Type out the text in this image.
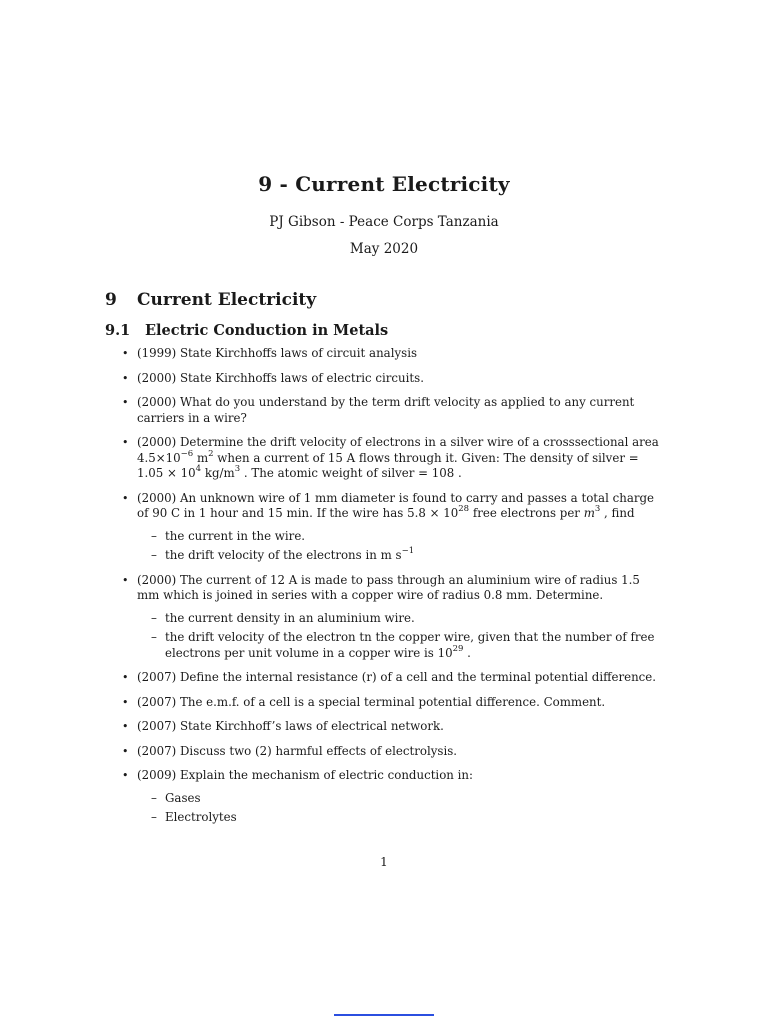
9 - Current Electricity
PJ Gibson - Peace Corps Tanzania
May 2020
9 Current Electricity
9.1 Electric Conduction in Metals
• (1999) State Kirchhoffs laws of circuit analysis
• (2000) State Kirchhoffs laws of electric circuits.
• (2000) What do you understand by the term drift velocity as applied to any current carriers in a wire?
• (2000) Determine the drift velocity of electrons in a silver wire of a crosssectional area $4.5\times 10^{-6}$ $m^2$ when a current of 15 A flows through it. Given: The density of silver = $1.05 \times 10^4$ $kg/m^3$ . The atomic weight of silver = 108 .
• (2000) An unknown wire of 1 mm diameter is found to carry and passes a total charge of 90 C in 1 hour and 15 min. If the wire has $5.8 \times 10^{28}$ free electrons per $m^3$ , find
– the current in the wire.
– the drift velocity of the electrons in m $s^{-1}$
• (2000) The current of 12 A is made to pass through an aluminium wire of radius 1.5 mm which is joined in series with a copper wire of radius 0.8 mm. Determine.
– the current density in an aluminium wire.
– the drift velocity of the electron tn the copper wire, given that the number of free electrons per unit volume in a copper wire is $10^{29}$ .
• (2007) Define the internal resistance (r) of a cell and the terminal potential difference.
• (2007) The e.m.f. of a cell is a special terminal potential difference. Comment.
• (2007) State Kirchhoff’s laws of electrical network.
• (2007) Discuss two (2) harmful effects of electrolysis.
• (2009) Explain the mechanism of electric conduction in:
– Gases
– Electrolytes
1
